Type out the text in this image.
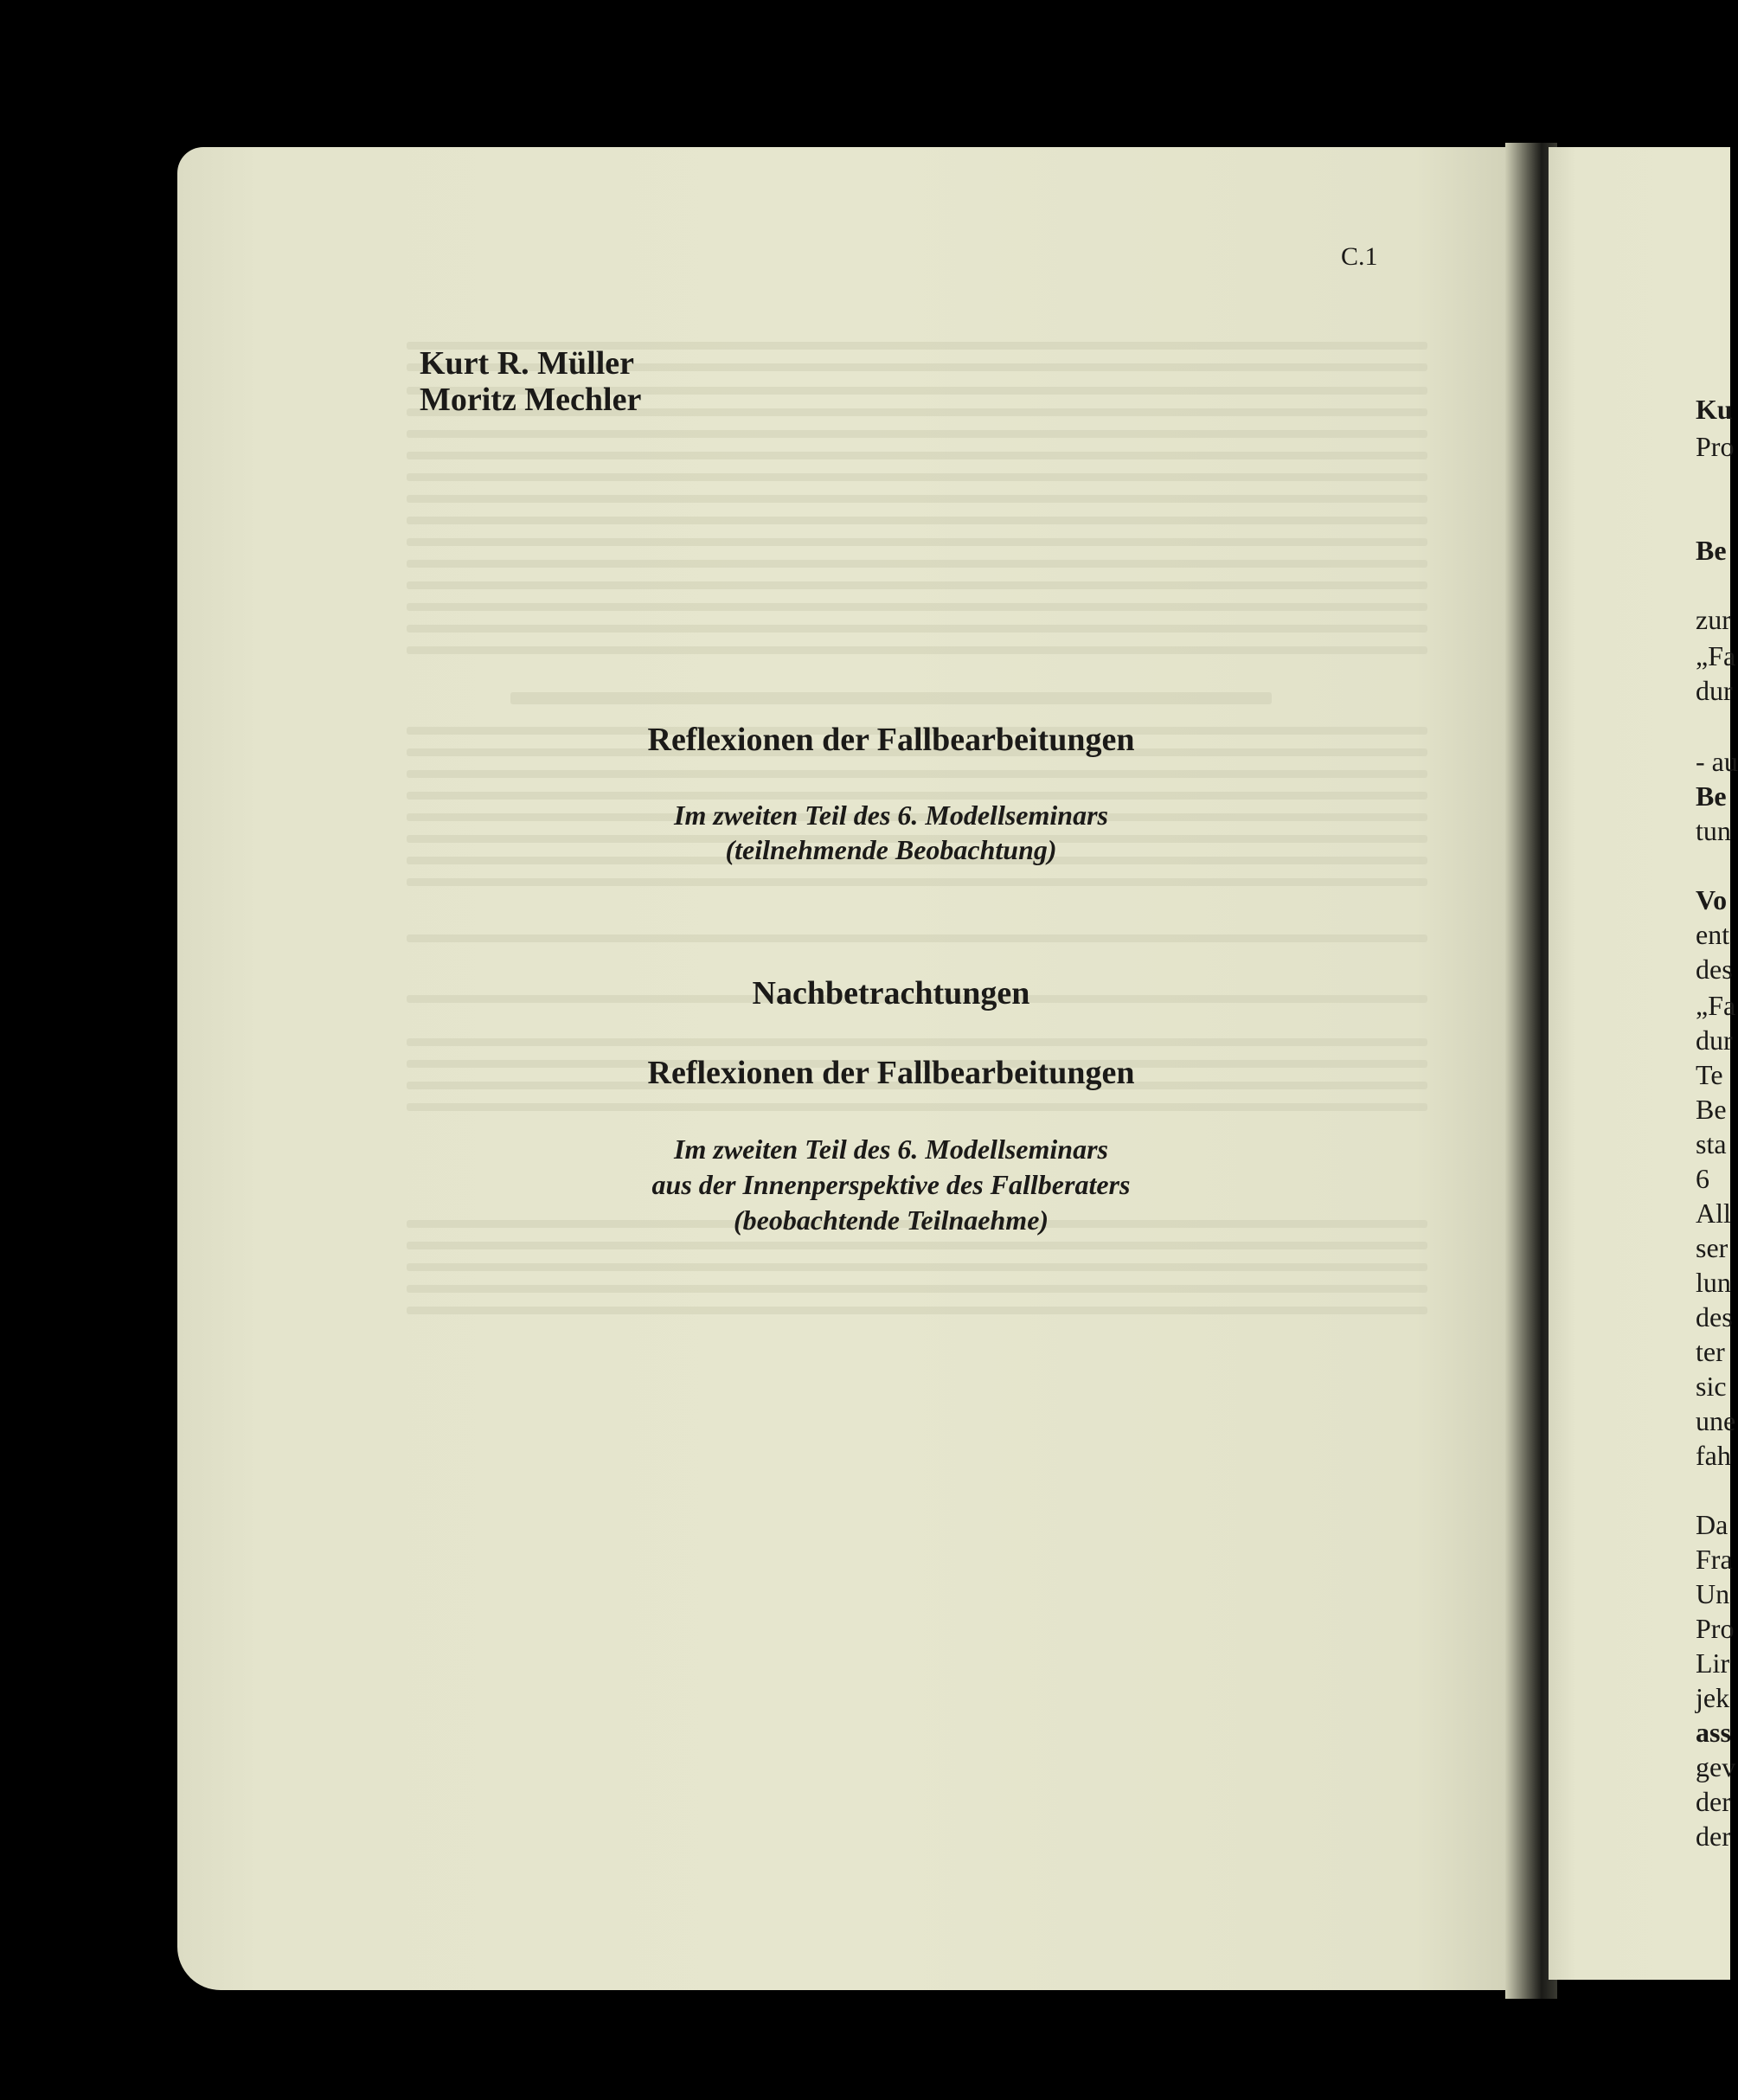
C.1
Kurt R. Müller
Moritz Mechler
Reflexionen der Fallbearbeitungen
Im zweiten Teil des 6. Modellseminars
(teilnehmende Beobachtung)
Nachbetrachtungen
Reflexionen der Fallbearbeitungen
Im zweiten Teil des 6. Modellseminars
aus der Innenperspektive des Fallberaters
(beobachtende Teilnaehme)
Ku
Pro
Be
zur
„Fa
dur
- au
Be
tun
Vo
ent
des
„Fa
dur
Te
Be
sta
6
All
ser
lun
des
ter
sic
une
fah
Da
Fra
Un
Pro
Lir
jek
ass
gev
der
der
